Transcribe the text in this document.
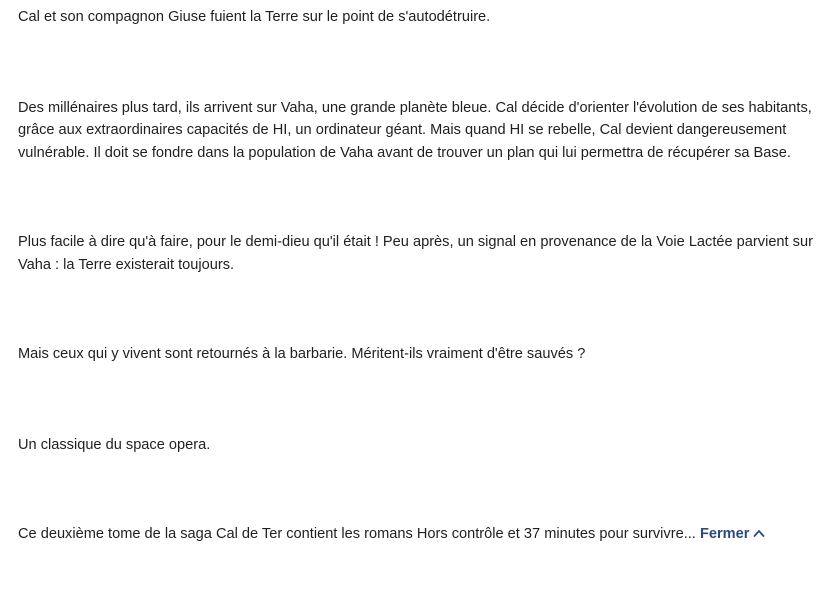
Cal et son compagnon Giuse fuient la Terre sur le point de s'autodétruire.

Des millénaires plus tard, ils arrivent sur Vaha, une grande planète bleue. Cal décide d'orienter l'évolution de ses habitants, grâce aux extraordinaires capacités de HI, un ordinateur géant. Mais quand HI se rebelle, Cal devient dangereusement vulnérable. Il doit se fondre dans la population de Vaha avant de trouver un plan qui lui permettra de récupérer sa Base.

Plus facile à dire qu'à faire, pour le demi-dieu qu'il était ! Peu après, un signal en provenance de la Voie Lactée parvient sur Vaha : la Terre existerait toujours.

Mais ceux qui y vivent sont retournés à la barbarie. Méritent-ils vraiment d'être sauvés ?

Un classique du space opera.

Ce deuxième tome de la saga Cal de Ter contient les romans Hors contrôle et 37 minutes pour survivre... Fermer
